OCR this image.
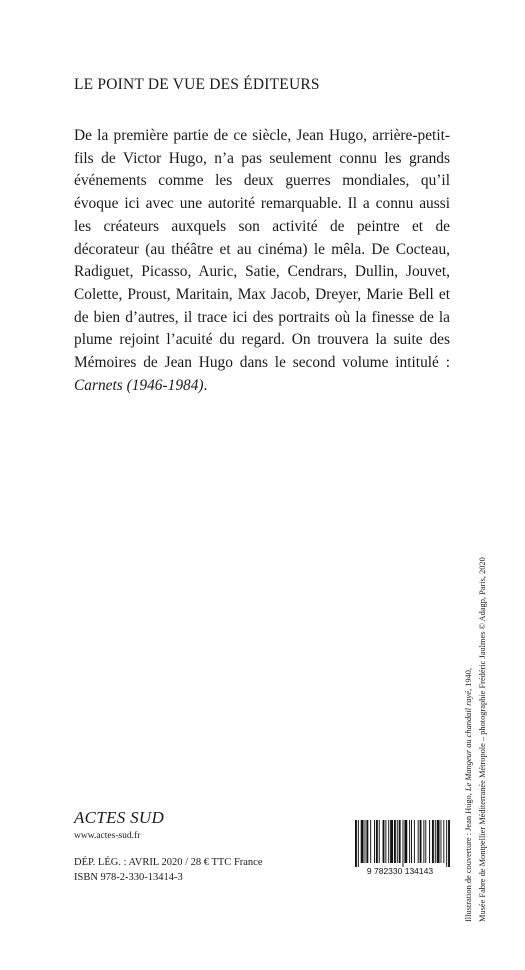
LE POINT DE VUE DES ÉDITEURS
De la première partie de ce siècle, Jean Hugo, arrière-petit-fils de Victor Hugo, n’a pas seulement connu les grands événements comme les deux guerres mondiales, qu’il évoque ici avec une autorité remarquable. Il a connu aussi les créateurs auxquels son activité de peintre et de décorateur (au théâtre et au cinéma) le mêla. De Cocteau, Radiguet, Picasso, Auric, Satie, Cendrars, Dullin, Jouvet, Colette, Proust, Maritain, Max Jacob, Dreyer, Marie Bell et de bien d’autres, il trace ici des portraits où la finesse de la plume rejoint l’acuité du regard. On trouvera la suite des Mémoires de Jean Hugo dans le second volume intitulé : Carnets (1946-1984).
Illustration de couverture : Jean Hugo, Le Mangeur au chandail rayé, 1940, Musée Fabre de Montpellier Méditerranée Métropole – photographie Frédéric Jaulmes © Adagp, Paris, 2020
ACTES SUD
www.actes-sud.fr
DÉP. LÉG. : AVRIL 2020 / 28 € TTC France
ISBN 978-2-330-13414-3
9 782330 134143
